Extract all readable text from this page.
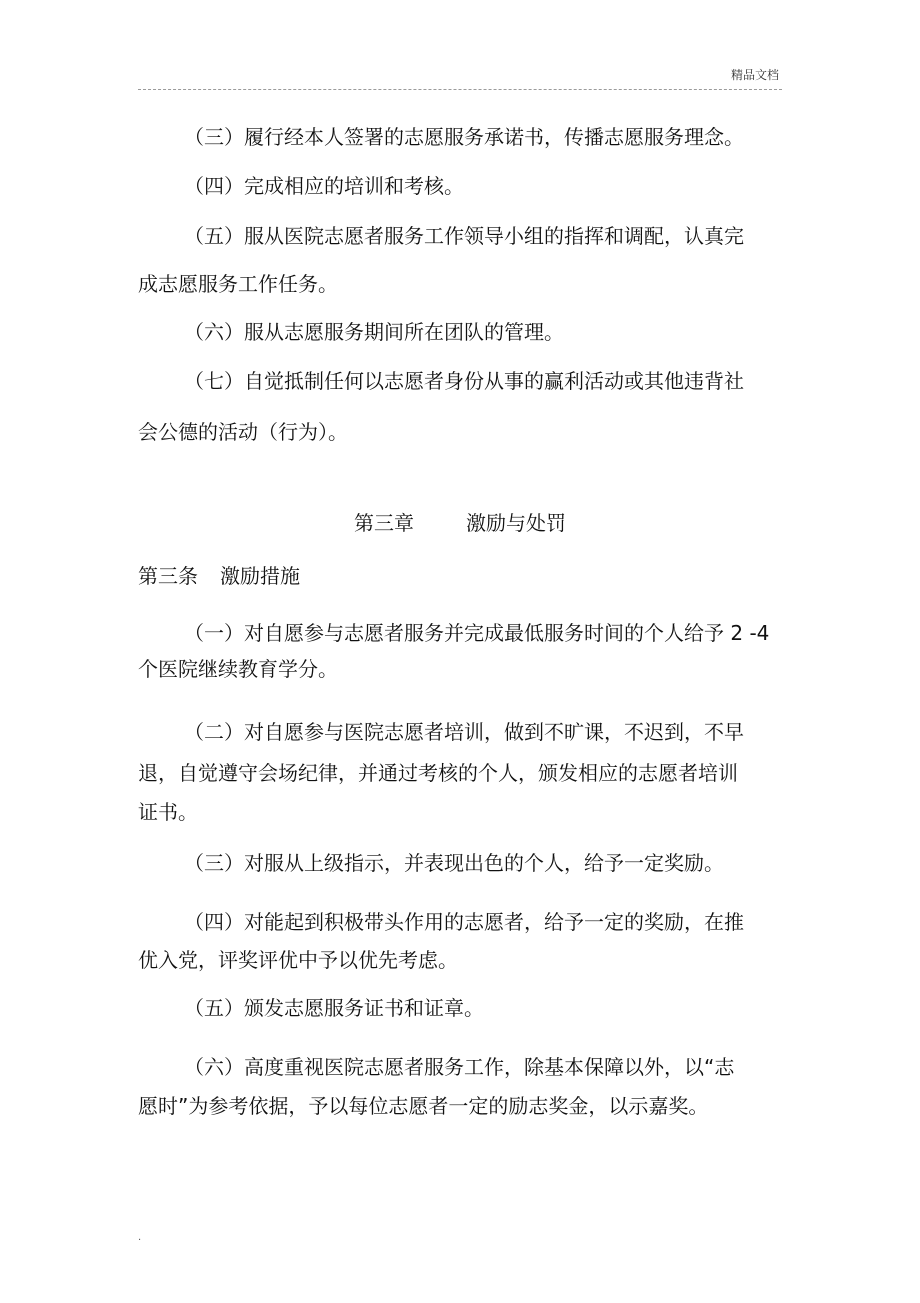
精品文档
（三）履行经本人签署的志愿服务承诺书，传播志愿服务理念。
（四）完成相应的培训和考核。
（五）服从医院志愿者服务工作领导小组的指挥和调配，认真完
成志愿服务工作任务。
（六）服从志愿服务期间所在团队的管理。
（七）自觉抵制任何以志愿者身份从事的赢利活动或其他违背社
会公德的活动（行为）。
第三章	激励与处罚
第三条 激励措施
（一）对自愿参与志愿者服务并完成最低服务时间的个人给予 2 -4
个医院继续教育学分。
（二）对自愿参与医院志愿者培训，做到不旷课，不迟到，不早
退，自觉遵守会场纪律，并通过考核的个人，颁发相应的志愿者培训
证书。
（三）对服从上级指示，并表现出色的个人，给予一定奖励。
（四）对能起到积极带头作用的志愿者，给予一定的奖励，在推
优入党，评奖评优中予以优先考虑。
（五）颁发志愿服务证书和证章。
（六）高度重视医院志愿者服务工作，除基本保障以外，以“志
愿时”为参考依据，予以每位志愿者一定的励志奖金，以示嘉奖。
.
